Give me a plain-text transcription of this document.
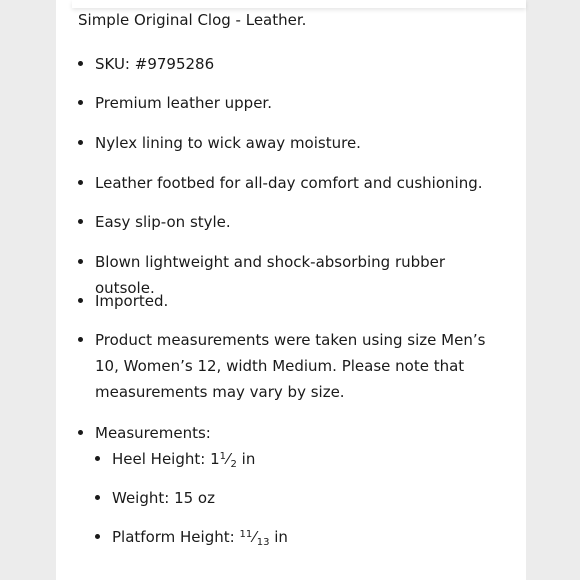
Simple Original Clog - Leather.
SKU: #9795286
Premium leather upper.
Nylex lining to wick away moisture.
Leather footbed for all-day comfort and cushioning.
Easy slip-on style.
Blown lightweight and shock-absorbing rubber outsole.
Imported.
Product measurements were taken using size Men’s 10, Women’s 12, width Medium. Please note that measurements may vary by size.
Measurements:
Heel Height: $1^1⁄_2$ in
Weight: 15 oz
Platform Height: $^{11}⁄_{13}$ in
